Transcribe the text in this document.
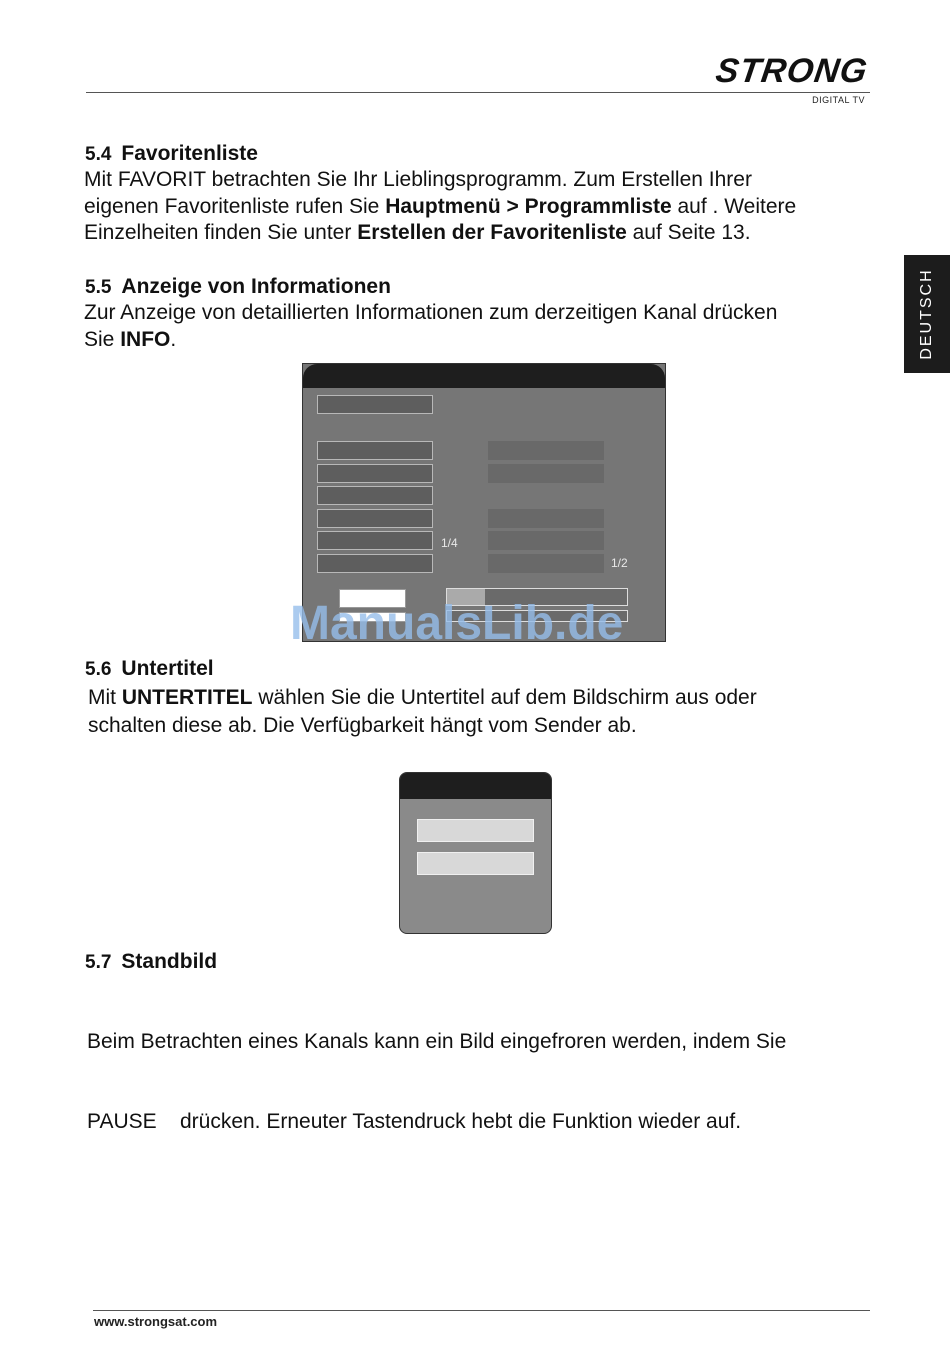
STRONG
DIGITAL TV
DEUTSCH
5.4 Favoritenliste
Mit FAVORIT betrachten Sie Ihr Lieblingsprogramm. Zum Erstellen Ihrer
eigenen Favoritenliste rufen Sie Hauptmenü > Programmliste auf . Weitere
Einzelheiten finden Sie unter Erstellen der Favoritenliste auf Seite 13.
5.5 Anzeige von Informationen
Zur Anzeige von detaillierten Informationen zum derzeitigen Kanal drücken
Sie INFO.
1/4
1/2
ManualsLib.de
5.6 Untertitel
Mit UNTERTITEL wählen Sie die Untertitel auf dem Bildschirm aus oder
schalten diese ab. Die Verfügbarkeit hängt vom Sender ab.
5.7 Standbild

Beim Betrachten eines Kanals kann ein Bild eingefroren werden, indem Sie

PAUSE    drücken. Erneuter Tastendruck hebt die Funktion wieder auf.

www.strongsat.com
